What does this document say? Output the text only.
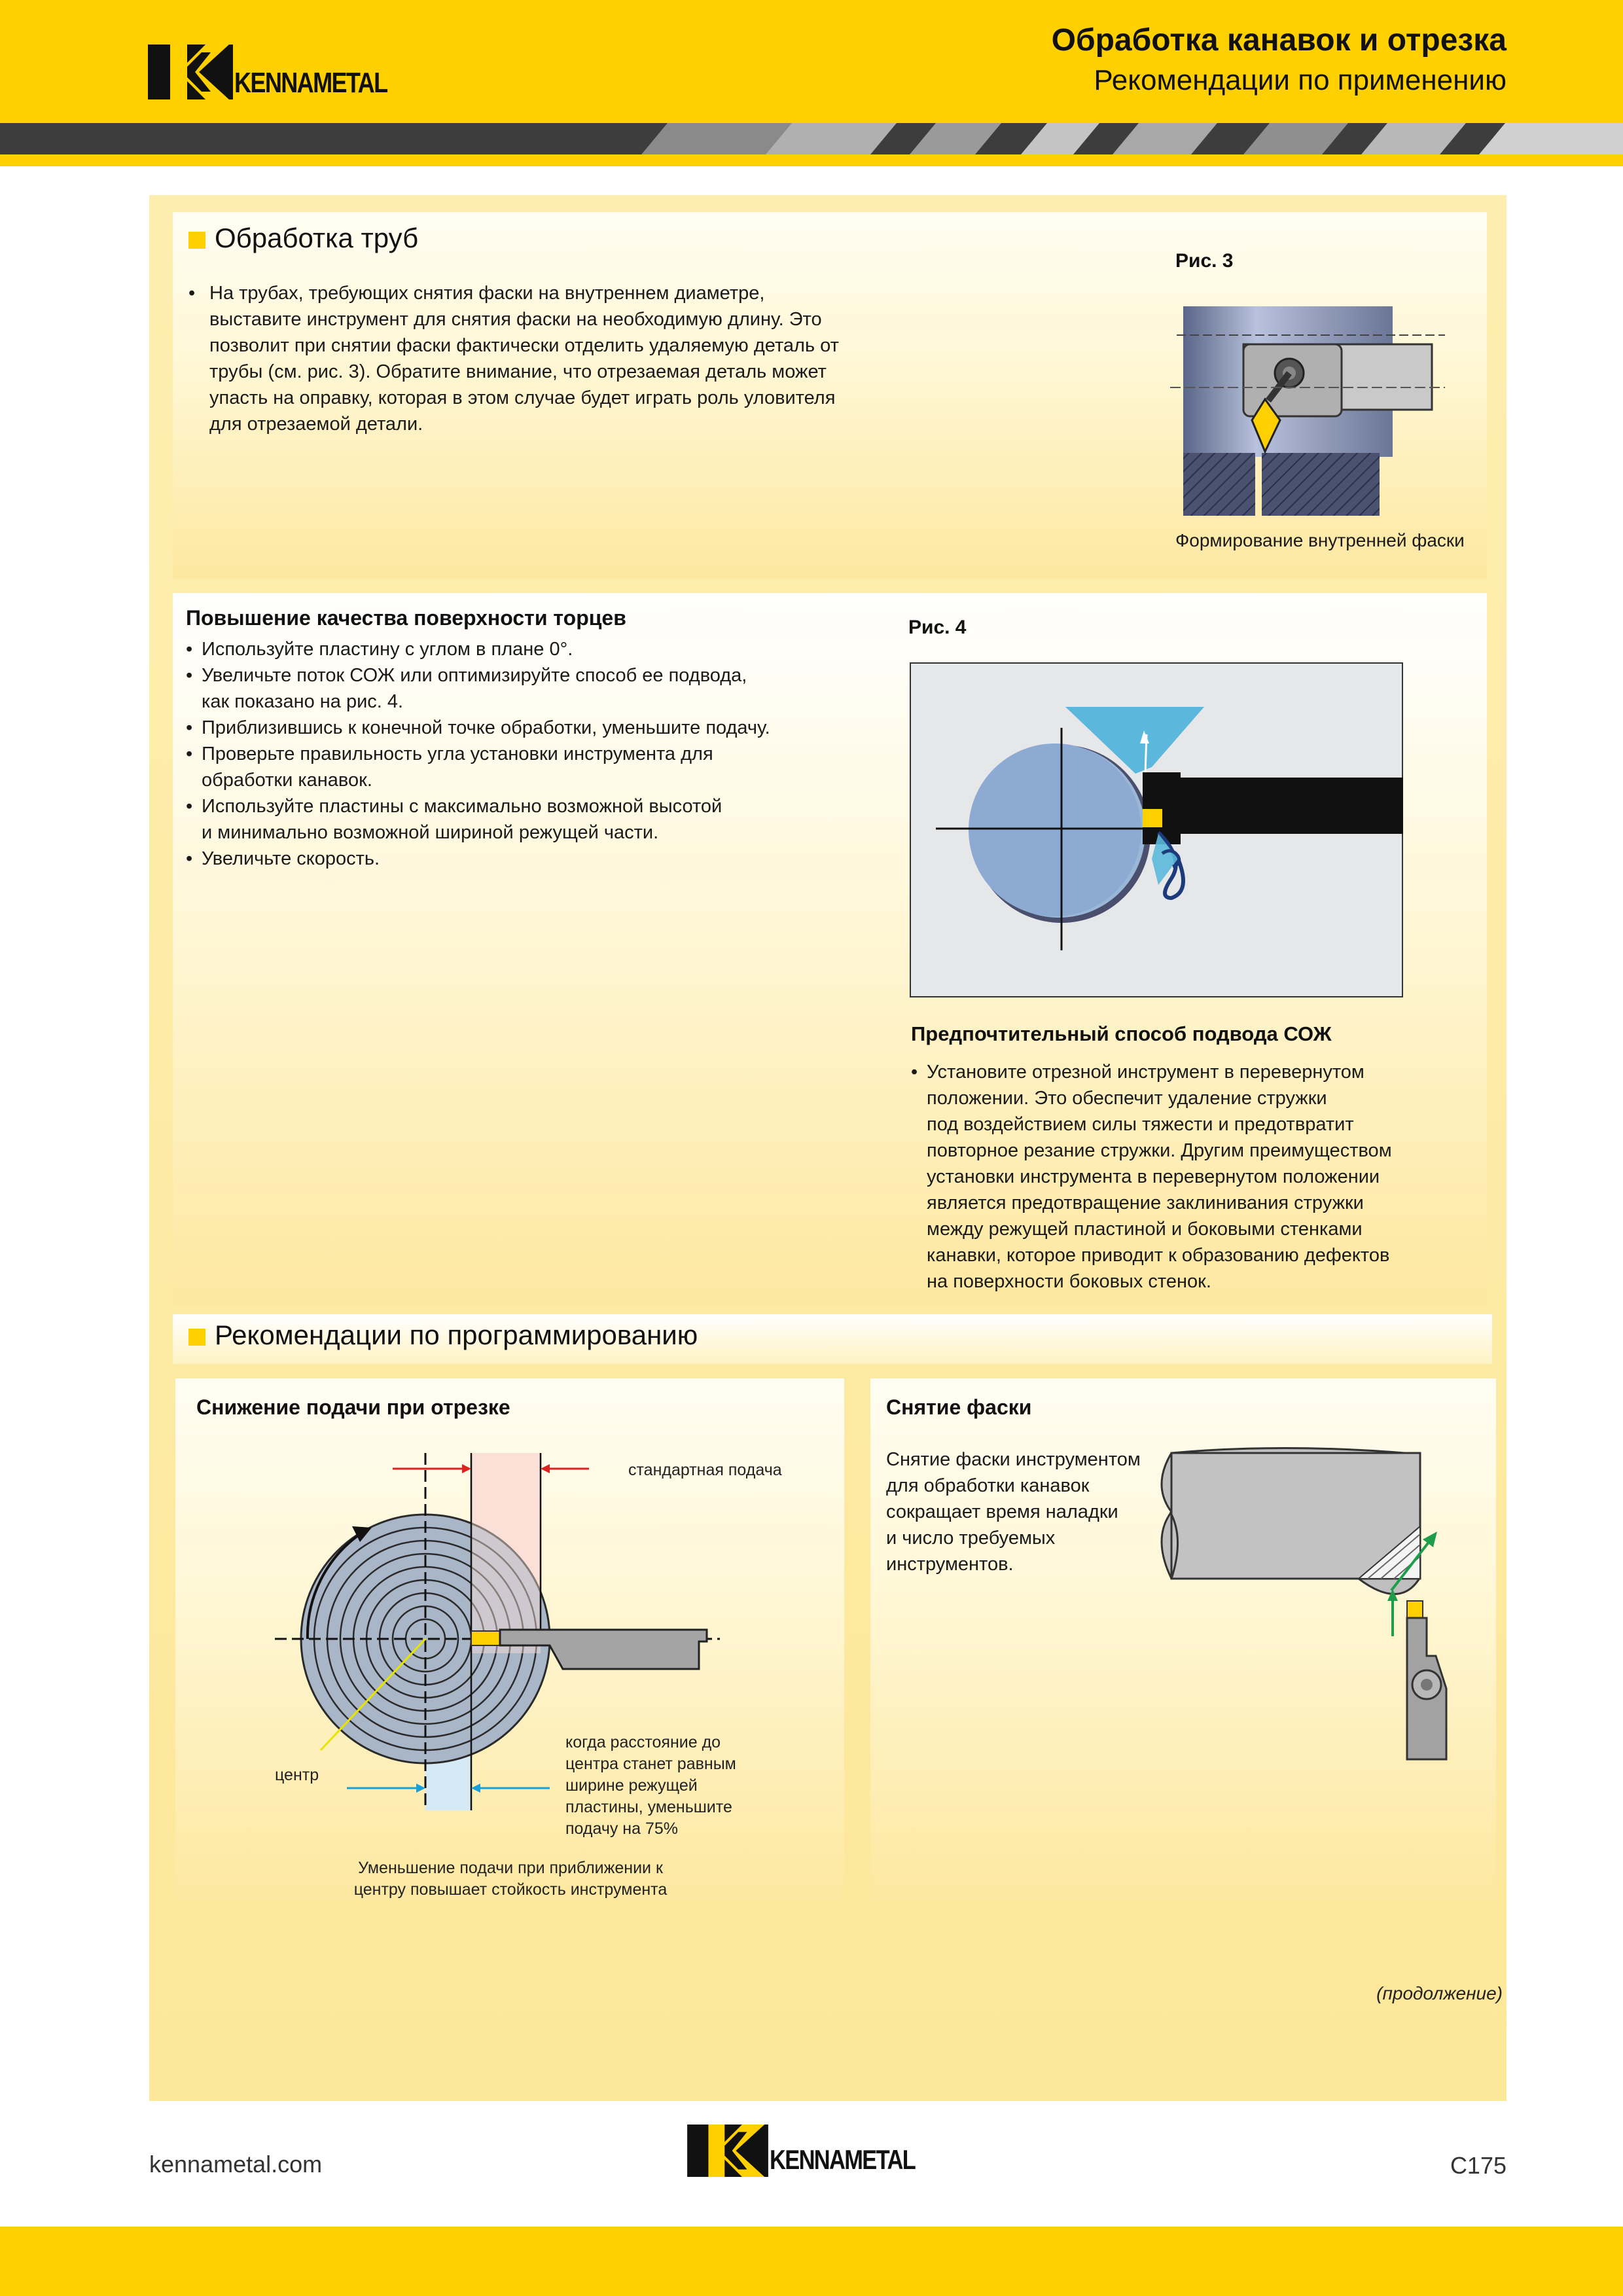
KENNAMETAL
Обработка канавок и отрезка
Рекомендации по применению
Обработка труб

• На трубах, требующих снятия фаски на внутреннем диаметре,

выставите инструмент для снятия фаски на необходимую длину. Это

позволит при снятии фаски фактически отделить удаляемую деталь от

трубы (см. рис. 3). Обратите внимание, что отрезаемая деталь может

упасть на оправку, которая в этом случае будет играть роль уловителя

для отрезаемой детали.

Рис. 3
Формирование внутренней фаски
Повышение качества поверхности торцев

• Используйте пластину с углом в плане 0°.

• Увеличьте поток СОЖ или оптимизируйте способ ее подвода,

как показано на рис. 4.

• Приблизившись к конечной точке обработки, уменьшите подачу.

• Проверьте правильность угла установки инструмента для

обработки канавок.

• Используйте пластины с максимально возможной высотой

и минимально возможной шириной режущей части.

• Увеличьте скорость.

Рис. 4
Предпочтительный способ подвода СОЖ

• Установите отрезной инструмент в перевернутом

положении. Это обеспечит удаление стружки

под воздействием силы тяжести и предотвратит

повторное резание стружки. Другим преимуществом

установки инструмента в перевернутом положении

является предотвращение заклинивания стружки

между режущей пластиной и боковыми стенками

канавки, которое приводит к образованию дефектов

на поверхности боковых стенок.

Рекомендации по программированию
Снижение подачи при отрезке
стандартная подача
центр
когда расстояние до
центра станет равным
ширине режущей
пластины, уменьшите
подачу на 75%
Уменьшение подачи при приближении к
центру повышает стойкость инструмента
Снятие фаски

Снятие фаски инструментом

для обработки канавок

сокращает время наладки

и число требуемых

инструментов.

(продолжение)
kennametal.com	KENNAMETAL	C175
